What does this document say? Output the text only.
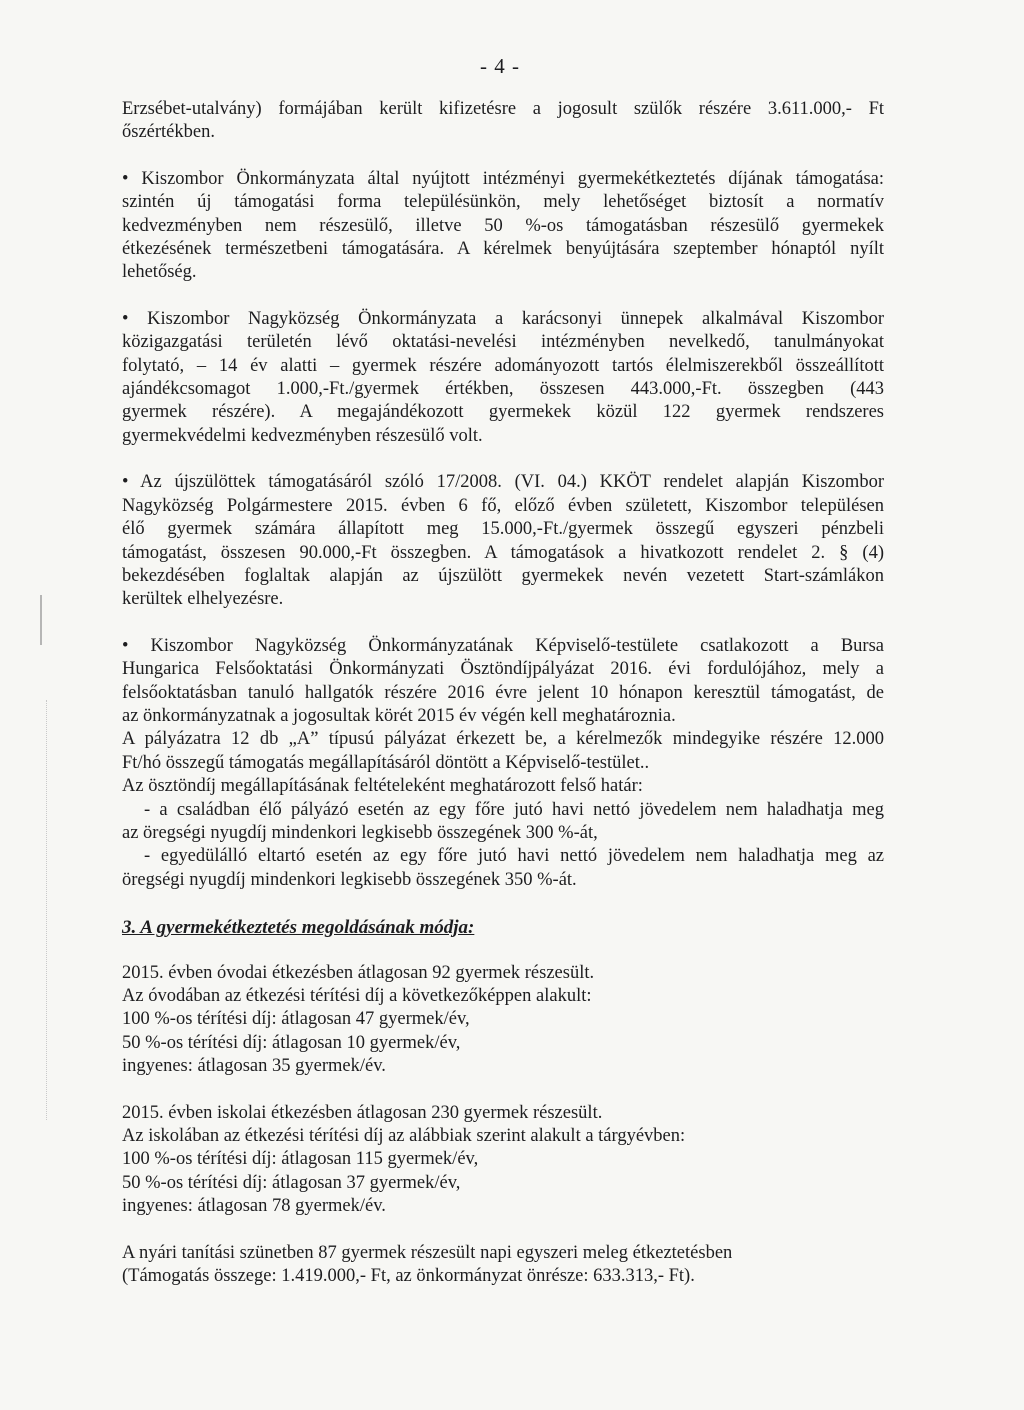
- 4 -
Erzsébet-utalvány) formájában került kifizetésre a jogosult szülők részére 3.611.000,- Ft
őszértékben.
• Kiszombor Önkormányzata által nyújtott intézményi gyermekétkeztetés díjának támogatása:
szintén új támogatási forma településünkön, mely lehetőséget biztosít a normatív
kedvezményben nem részesülő, illetve 50 %-os támogatásban részesülő gyermekek
étkezésének természetbeni támogatására. A kérelmek benyújtására szeptember hónaptól nyílt
lehetőség.
• Kiszombor Nagyközség Önkormányzata a karácsonyi ünnepek alkalmával Kiszombor
közigazgatási területén lévő oktatási-nevelési intézményben nevelkedő, tanulmányokat
folytató, – 14 év alatti – gyermek részére adományozott tartós élelmiszerekből összeállított
ajándékcsomagot 1.000,-Ft./gyermek értékben, összesen 443.000,-Ft. összegben (443
gyermek részére). A megajándékozott gyermekek közül 122 gyermek rendszeres
gyermekvédelmi kedvezményben részesülő volt.
• Az újszülöttek támogatásáról szóló 17/2008. (VI. 04.) KKÖT rendelet alapján Kiszombor
Nagyközség Polgármestere 2015. évben 6 fő, előző évben született, Kiszombor településen
élő gyermek számára állapított meg 15.000,-Ft./gyermek összegű egyszeri pénzbeli
támogatást, összesen 90.000,-Ft összegben. A támogatások a hivatkozott rendelet 2. § (4)
bekezdésében foglaltak alapján az újszülött gyermekek nevén vezetett Start-számlákon
kerültek elhelyezésre.
• Kiszombor Nagyközség Önkormányzatának Képviselő-testülete csatlakozott a Bursa
Hungarica Felsőoktatási Önkormányzati Ösztöndíjpályázat 2016. évi fordulójához, mely a
felsőoktatásban tanuló hallgatók részére 2016 évre jelent 10 hónapon keresztül támogatást, de
az önkormányzatnak a jogosultak körét 2015 év végén kell meghatároznia.
A pályázatra 12 db „A” típusú pályázat érkezett be, a kérelmezők mindegyike részére 12.000
Ft/hó összegű támogatás megállapításáról döntött a Képviselő-testület..
Az ösztöndíj megállapításának feltételeként meghatározott felső határ:
- a családban élő pályázó esetén az egy főre jutó havi nettó jövedelem nem haladhatja meg
az öregségi nyugdíj mindenkori legkisebb összegének 300 %-át,
- egyedülálló eltartó esetén az egy főre jutó havi nettó jövedelem nem haladhatja meg az
öregségi nyugdíj mindenkori legkisebb összegének 350 %-át.
3. A gyermekétkeztetés megoldásának módja:
2015. évben óvodai étkezésben átlagosan 92 gyermek részesült.
Az óvodában az étkezési térítési díj a következőképpen alakult:
100 %-os térítési díj: átlagosan 47 gyermek/év,
50 %-os térítési díj: átlagosan 10 gyermek/év,
ingyenes: átlagosan 35 gyermek/év.
2015. évben iskolai étkezésben átlagosan 230 gyermek részesült.
Az iskolában az étkezési térítési díj az alábbiak szerint alakult a tárgyévben:
100 %-os térítési díj: átlagosan 115 gyermek/év,
50 %-os térítési díj: átlagosan 37 gyermek/év,
ingyenes: átlagosan 78 gyermek/év.
A nyári tanítási szünetben 87 gyermek részesült napi egyszeri meleg étkeztetésben
(Támogatás összege: 1.419.000,- Ft, az önkormányzat önrésze: 633.313,- Ft).
